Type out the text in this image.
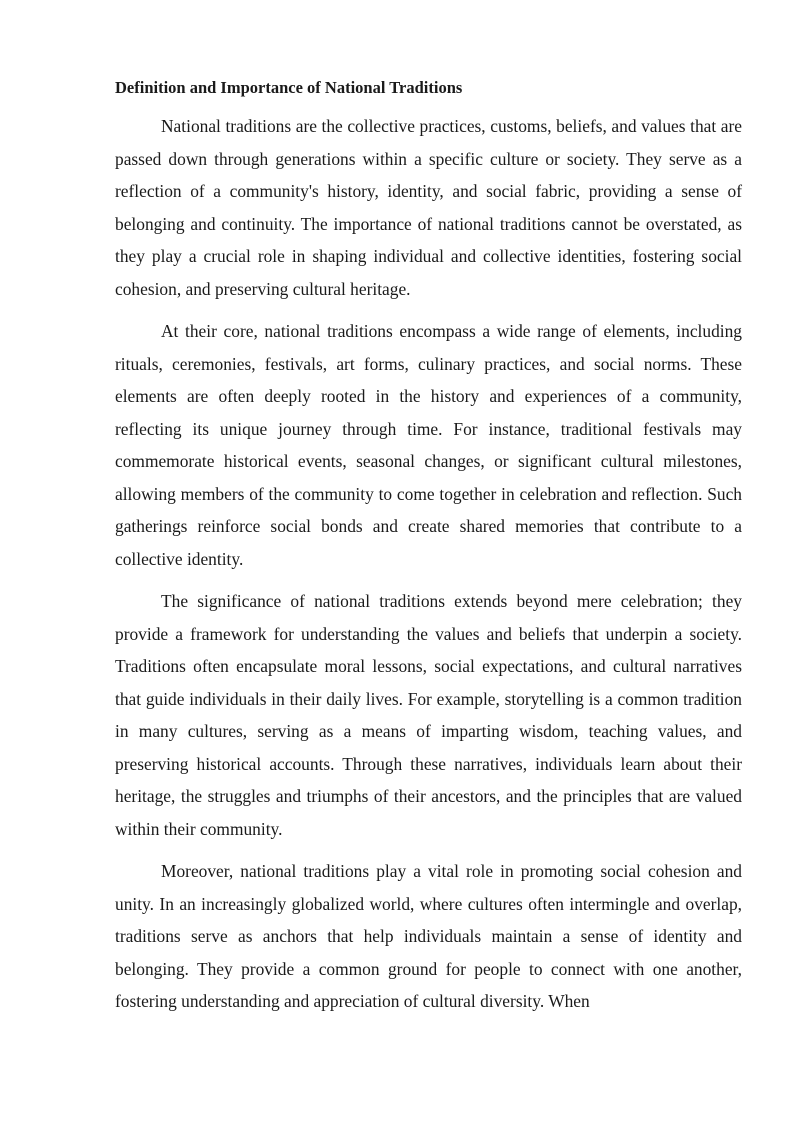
Definition and Importance of National Traditions

National traditions are the collective practices, customs, beliefs, and values that are passed down through generations within a specific culture or society. They serve as a reflection of a community's history, identity, and social fabric, providing a sense of belonging and continuity. The importance of national traditions cannot be overstated, as they play a crucial role in shaping individual and collective identities, fostering social cohesion, and preserving cultural heritage.

At their core, national traditions encompass a wide range of elements, including rituals, ceremonies, festivals, art forms, culinary practices, and social norms. These elements are often deeply rooted in the history and experiences of a community, reflecting its unique journey through time. For instance, traditional festivals may commemorate historical events, seasonal changes, or significant cultural milestones, allowing members of the community to come together in celebration and reflection. Such gatherings reinforce social bonds and create shared memories that contribute to a collective identity.

The significance of national traditions extends beyond mere celebration; they provide a framework for understanding the values and beliefs that underpin a society. Traditions often encapsulate moral lessons, social expectations, and cultural narratives that guide individuals in their daily lives. For example, storytelling is a common tradition in many cultures, serving as a means of imparting wisdom, teaching values, and preserving historical accounts. Through these narratives, individuals learn about their heritage, the struggles and triumphs of their ancestors, and the principles that are valued within their community.

Moreover, national traditions play a vital role in promoting social cohesion and unity. In an increasingly globalized world, where cultures often intermingle and overlap, traditions serve as anchors that help individuals maintain a sense of identity and belonging. They provide a common ground for people to connect with one another, fostering understanding and appreciation of cultural diversity. When
